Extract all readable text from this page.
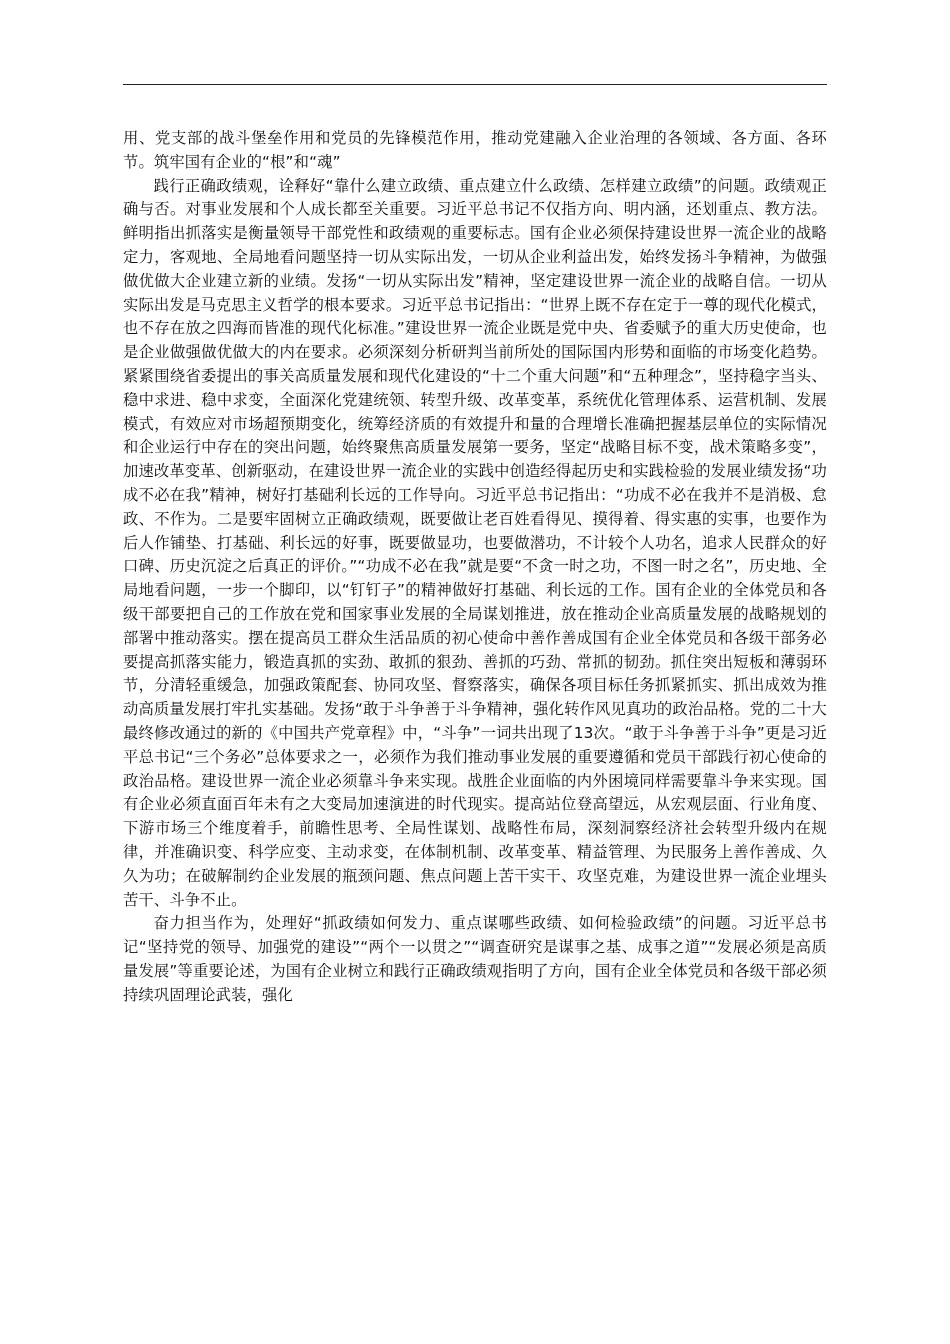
用、党支部的战斗堡垒作用和党员的先锋模范作用，推动党建融入企业治理的各领域、各方面、各环节。筑牢国有企业的“根”和“魂”

践行正确政绩观，诠释好“靠什么建立政绩、重点建立什么政绩、怎样建立政绩”的问题。政绩观正确与否。对事业发展和个人成长都至关重要。习近平总书记不仅指方向、明内涵，还划重点、教方法。鲜明指出抓落实是衡量领导干部党性和政绩观的重要标志。国有企业必须保持建设世界一流企业的战略定力，客观地、全局地看问题坚持一切从实际出发，一切从企业利益出发，始终发扬斗争精神，为做强做优做大企业建立新的业绩。发扬“一切从实际出发”精神，坚定建设世界一流企业的战略自信。一切从实际出发是马克思主义哲学的根本要求。习近平总书记指出：“世界上既不存在定于一尊的现代化模式，也不存在放之四海而皆准的现代化标准。”建设世界一流企业既是党中央、省委赋予的重大历史使命，也是企业做强做优做大的内在要求。必须深刻分析研判当前所处的国际国内形势和面临的市场变化趋势。紧紧围绕省委提出的事关高质量发展和现代化建设的“十二个重大问题”和“五种理念”，坚持稳字当头、稳中求进、稳中求变，全面深化党建统领、转型升级、改革变革，系统优化管理体系、运营机制、发展模式，有效应对市场超预期变化，统筹经济质的有效提升和量的合理增长准确把握基层单位的实际情况和企业运行中存在的突出问题，始终聚焦高质量发展第一要务，坚定“战略目标不变，战术策略多变”，加速改革变革、创新驱动，在建设世界一流企业的实践中创造经得起历史和实践检验的发展业绩发扬“功成不必在我”精神，树好打基础利长远的工作导向。习近平总书记指出：“功成不必在我并不是消极、怠政、不作为。二是要牢固树立正确政绩观，既要做让老百姓看得见、摸得着、得实惠的实事，也要作为后人作铺垫、打基础、利长远的好事，既要做显功，也要做潜功，不计较个人功名，追求人民群众的好口碑、历史沉淀之后真正的评价。”“功成不必在我”就是要“不贪一时之功，不图一时之名”，历史地、全局地看问题，一步一个脚印，以“钉钉子”的精神做好打基础、利长远的工作。国有企业的全体党员和各级干部要把自己的工作放在党和国家事业发展的全局谋划推进，放在推动企业高质量发展的战略规划的部署中推动落实。摆在提高员工群众生活品质的初心使命中善作善成国有企业全体党员和各级干部务必要提高抓落实能力，锻造真抓的实劲、敢抓的狠劲、善抓的巧劲、常抓的韧劲。抓住突出短板和薄弱环节，分清轻重缓急，加强政策配套、协同攻坚、督察落实，确保各项目标任务抓紧抓实、抓出成效为推动高质量发展打牢扎实基础。发扬“敢于斗争善于斗争精神，强化转作风见真功的政治品格。党的二十大最终修改通过的新的《中国共产党章程》中，“斗争”一词共出现了13次。“敢于斗争善于斗争”更是习近平总书记“三个务必”总体要求之一，必须作为我们推动事业发展的重要遵循和党员干部践行初心使命的政治品格。建设世界一流企业必须靠斗争来实现。战胜企业面临的内外困境同样需要靠斗争来实现。国有企业必须直面百年未有之大变局加速演进的时代现实。提高站位登高望远，从宏观层面、行业角度、下游市场三个维度着手，前瞻性思考、全局性谋划、战略性布局，深刻洞察经济社会转型升级内在规律，并准确识变、科学应变、主动求变，在体制机制、改革变革、精益管理、为民服务上善作善成、久久为功；在破解制约企业发展的瓶颈问题、焦点问题上苦干实干、攻坚克难，为建设世界一流企业埋头苦干、斗争不止。

奋力担当作为，处理好“抓政绩如何发力、重点谋哪些政绩、如何检验政绩”的问题。习近平总书记“坚持党的领导、加强党的建设”“两个一以贯之”“调查研究是谋事之基、成事之道”“发展必须是高质量发展”等重要论述，为国有企业树立和践行正确政绩观指明了方向，国有企业全体党员和各级干部必须持续巩固理论武装，强化
